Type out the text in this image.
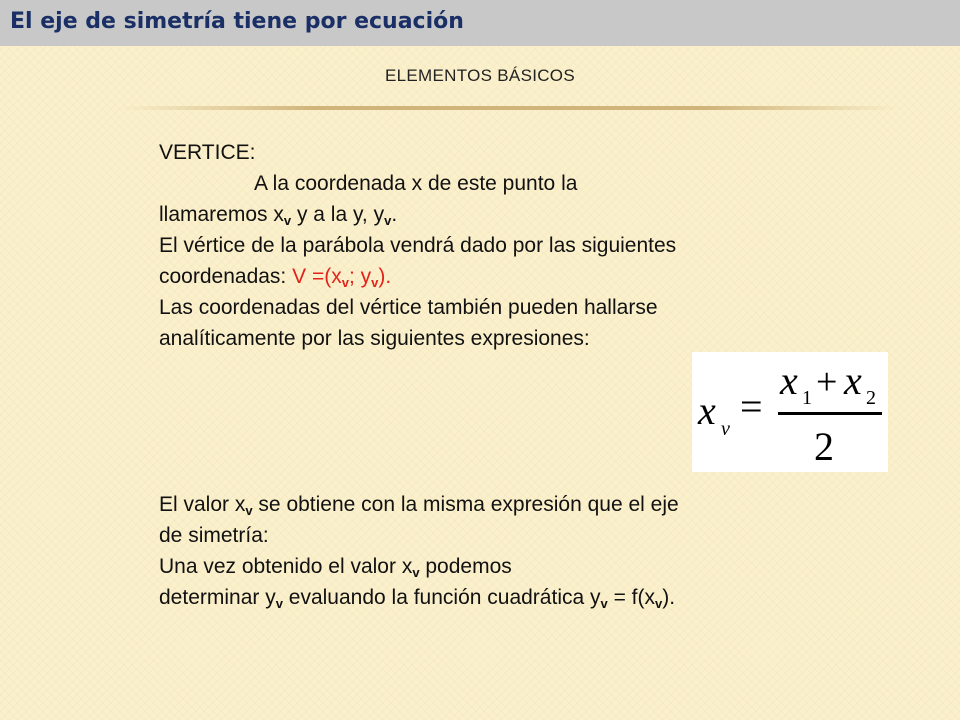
El eje de simetría tiene por ecuación
ELEMENTOS BÁSICOS
VERTICE:
A la coordenada x de este punto la
llamaremos $x_v$ y a la y, $y_v$.
El vértice de la parábola vendrá dado por las siguientes
coordenadas: $V =(x_v$; $y_v$).
Las coordenadas del vértice también pueden hallarse
analíticamente por las siguientes expresiones:
x v =
x 1 + x 2
2
El valor $x_v$ se obtiene con la misma expresión que el eje
de simetría:
Una vez obtenido el valor $x_v$ podemos
determinar $y_v$ evaluando la función cuadrática $y_v = f(x_v)$.
